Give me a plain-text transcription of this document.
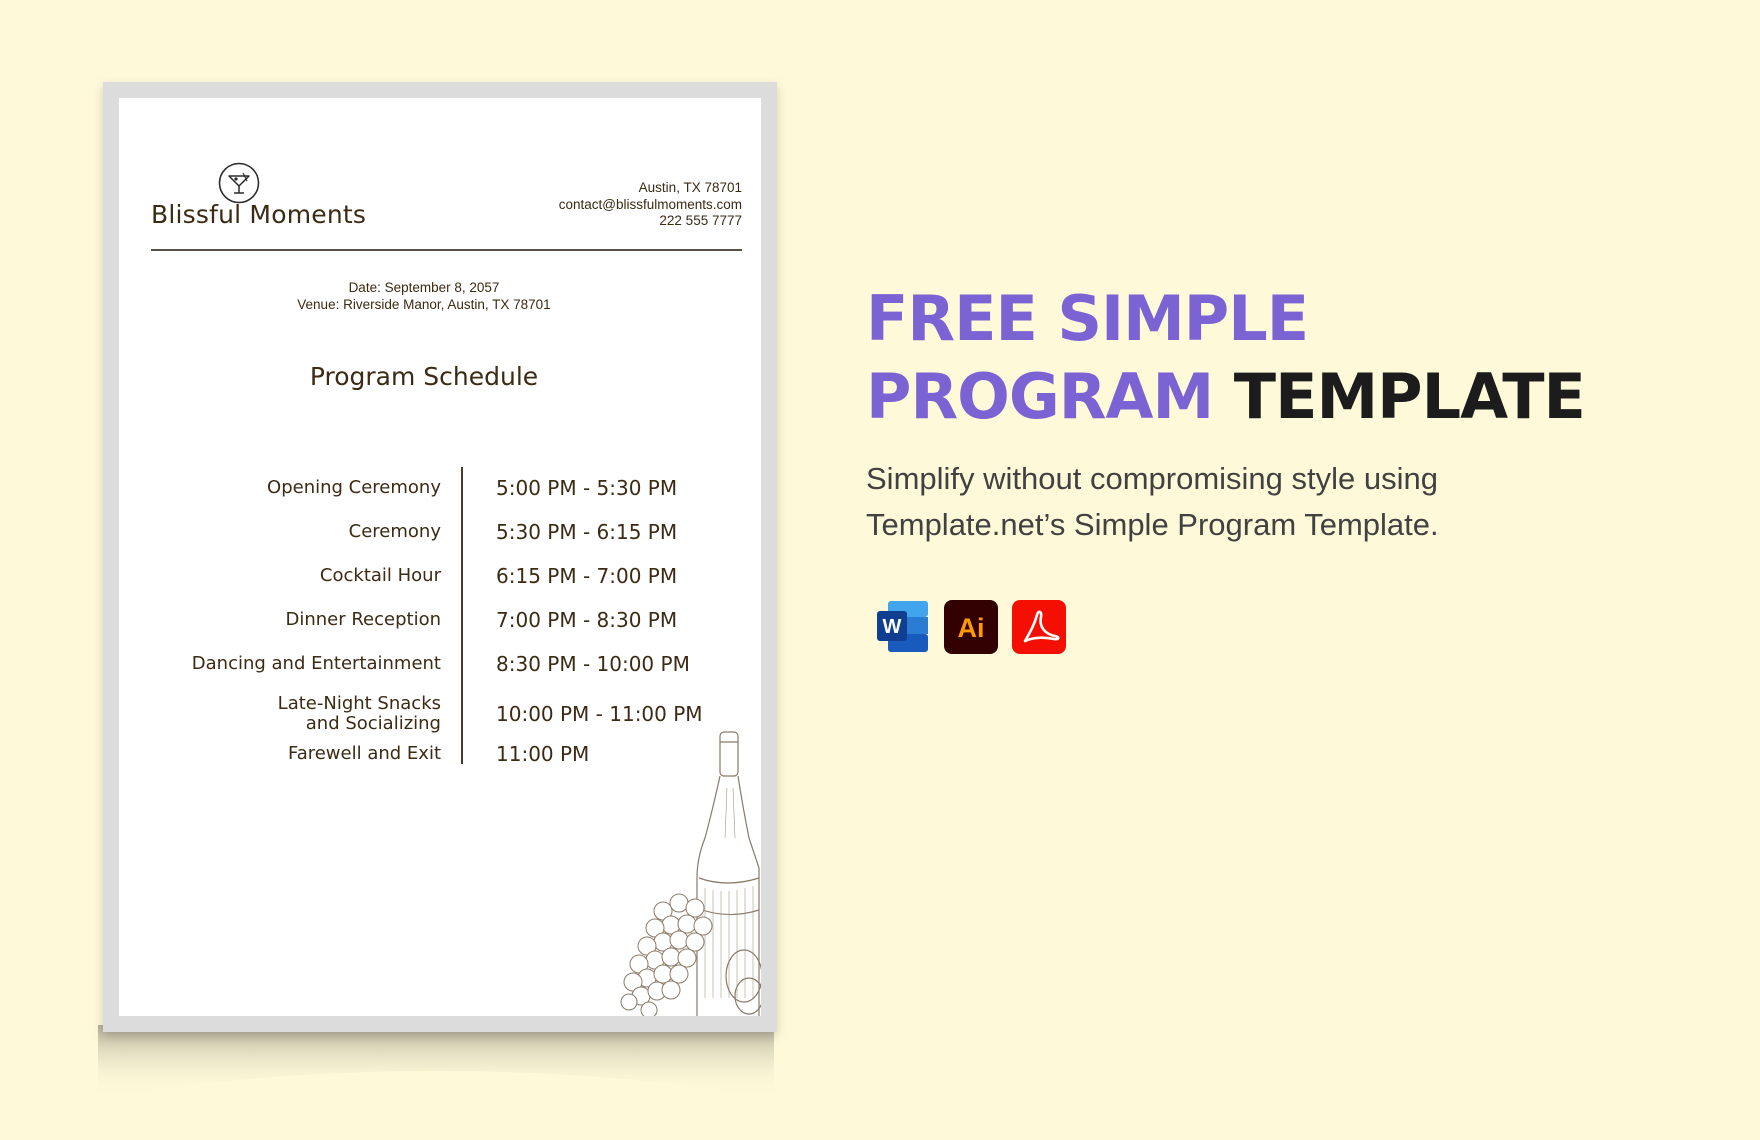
Blissful Moments
Austin, TX 78701
contact@blissfulmoments.com
222 555 7777
Date: September 8, 2057
Venue: Riverside Manor, Austin, TX 78701
Program Schedule
Opening Ceremony	5:00 PM - 5:30 PM
Ceremony	5:30 PM - 6:15 PM
Cocktail Hour	6:15 PM - 7:00 PM
Dinner Reception	7:00 PM - 8:30 PM
Dancing and Entertainment	8:30 PM - 10:00 PM
Late-Night Snacks
and Socializing	10:00 PM - 11:00 PM
Farewell and Exit	11:00 PM
FREE SIMPLE
PROGRAM TEMPLATE
Simplify without compromising style using
Template.net’s Simple Program Template.
W Ai
